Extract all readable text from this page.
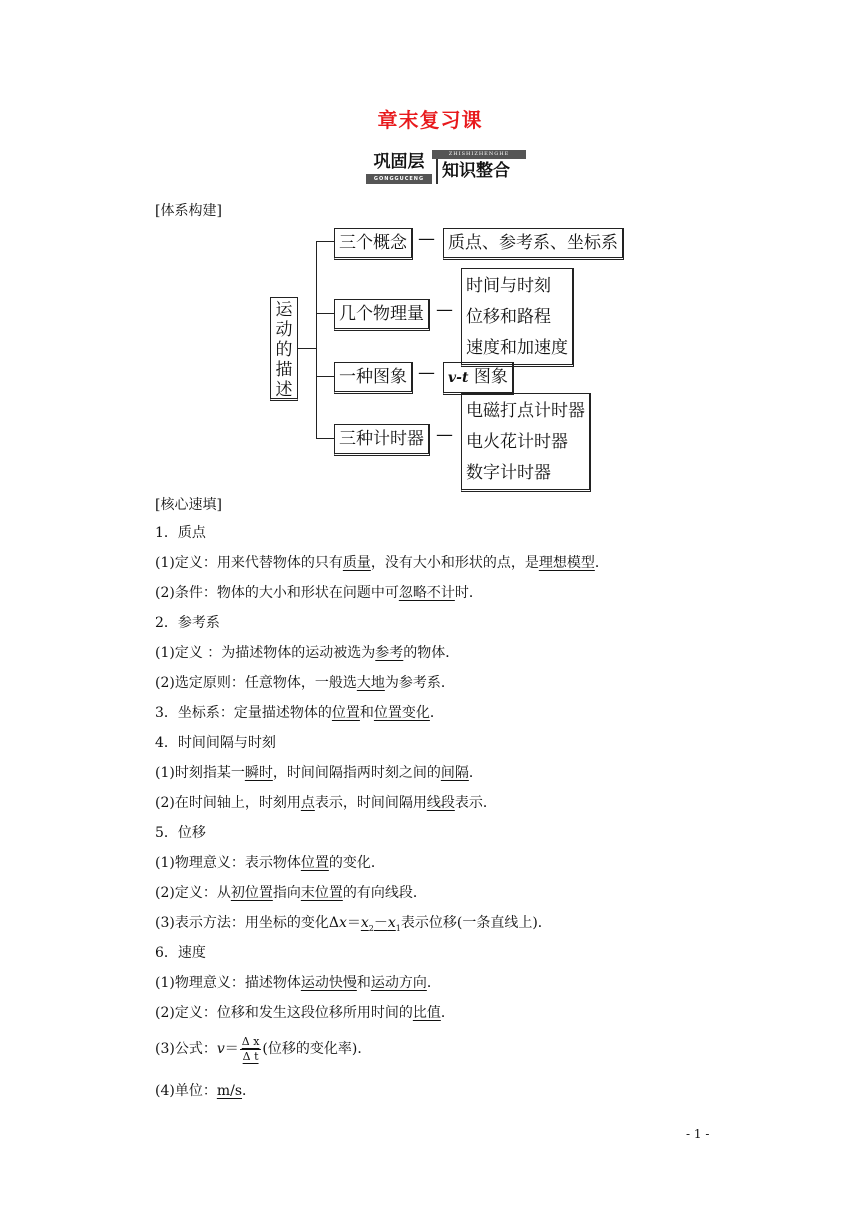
章末复习课
巩固层
GONGGUCENG
ZHISHIZHENGHE
知识整合
[体系构建]
运
动
的
描
述
三个概念 — 质点、参考系、坐标系
几个物理量 —
时间与时刻
位移和路程
速度和加速度
一种图象 — v-t 图象
三种计时器 —
电磁打点计时器
电火花计时器
数字计时器
[核心速填]
1．质点
(1)定义：用来代替物体的只有质量，没有大小和形状的点，是理想模型．
(2)条件：物体的大小和形状在问题中可忽略不计时．
2．参考系
(1)定义 ：为描述物体的运动被选为参考的物体．
(2)选定原则：任意物体，一般选大地为参考系．
3．坐标系：定量描述物体的位置和位置变化．
4．时间间隔与时刻
(1)时刻指某一瞬时，时间间隔指两时刻之间的间隔．
(2)在时间轴上，时刻用点表示，时间间隔用线段表示．
5．位移
(1)物理意义：表示物体位置的变化．
(2)定义：从初位置指向末位置的有向线段．
(3)表示方法：用坐标的变化$\Delta x=x_2-x_1$表示位移(一条直线上)．
6．速度
(1)物理意义：描述物体运动快慢和运动方向．
(2)定义：位移和发生这段位移所用时间的比值．
(3)公式：$v= \frac{\text{Δ x}}{\text{Δ t}}$ (位移的变化率)．
(4)单位：m/s．
- 1 -
